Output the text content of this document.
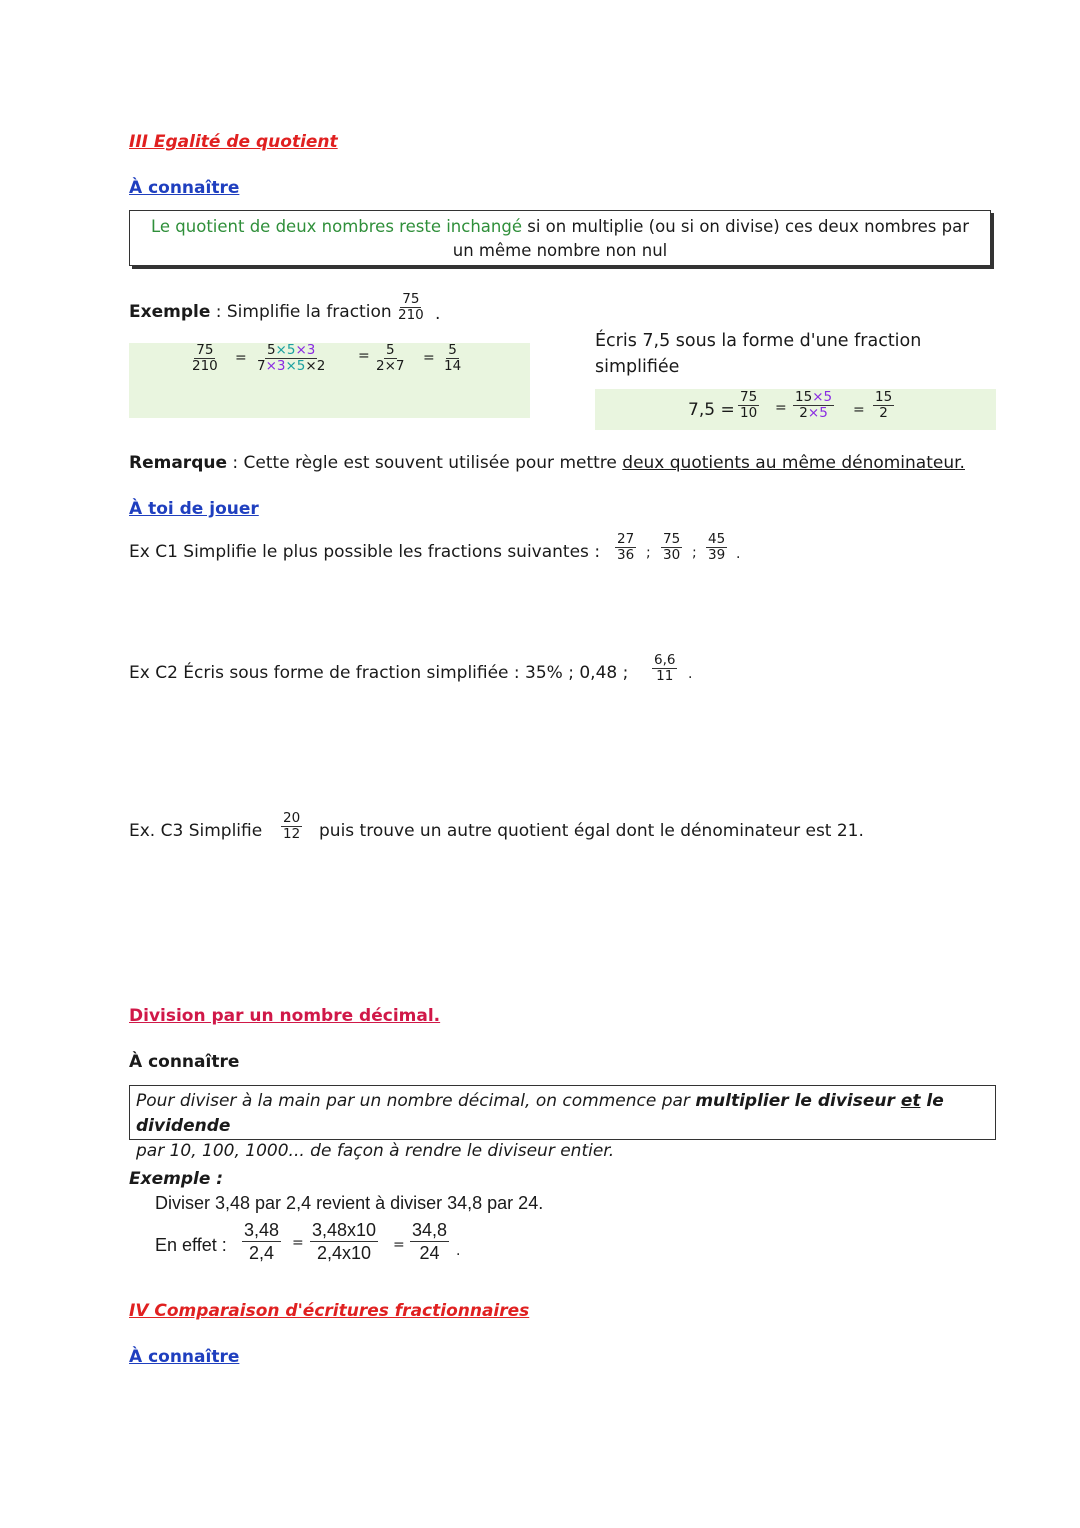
III Egalité de quotient
À connaître
Le quotient de deux nombres reste inchangé si on multiplie (ou si on divise) ces deux nombres par
un même nombre non nul
Exemple : Simplifie la fraction $\frac{75}{210}$ .
$\frac{75}{210} = \frac{5\times 5\times 3}{7\times 3\times 5\times 2} = \frac{5}{2\times 7} = \frac{5}{14}$
Écris 7,5 sous la forme d'une fraction
simplifiée
$7,5 = \frac{75}{10} = \frac{15\times 5}{2\times 5} = \frac{15}{2}$
Remarque : Cette règle est souvent utilisée pour mettre deux quotients au même dénominateur.
À toi de jouer
Ex C1 Simplifie le plus possible les fractions suivantes : $\frac{27}{36}$ ; $\frac{75}{30}$ ; $\frac{45}{39}$ .
Ex C2 Écris sous forme de fraction simplifiée : 35% ; 0,48 ; $\frac{6,6}{11}$ .
Ex. C3 Simplifie $\frac{20}{12}$ puis trouve un autre quotient égal dont le dénominateur est 21.
Division par un nombre décimal.
À connaître
Pour diviser à la main par un nombre décimal, on commence par multiplier le diviseur et le dividende
par 10, 100, 1000... de façon à rendre le diviseur entier.
Exemple :
Diviser 3,48 par 2,4 revient à diviser 34,8 par 24.
En effet : $\frac{3,48}{2,4} = \frac{3,48x10}{2,4x10} = \frac{34,8}{24}$ .
IV Comparaison d'écritures fractionnaires
À connaître
